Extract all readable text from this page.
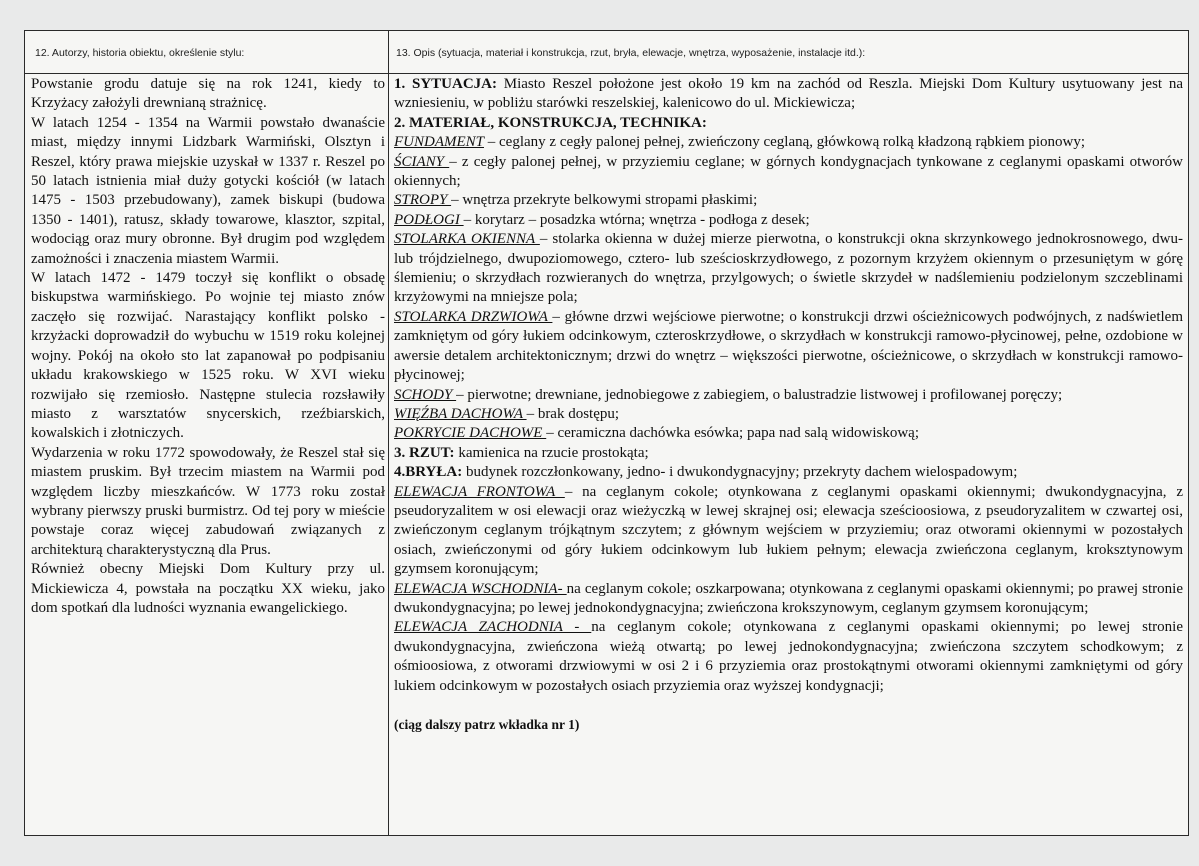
12. Autorzy, historia obiektu, określenie stylu:	13. Opis (sytuacja, materiał i konstrukcja, rzut, bryła, elewacje, wnętrza, wyposażenie, instalacje itd.):

Powstanie grodu datuje się na rok 1241, kiedy to Krzyżacy założyli drewnianą strażnicę.

W latach 1254 - 1354 na Warmii powstało dwanaście miast, między innymi Lidzbark Warmiński, Olsztyn i Reszel, który prawa miejskie uzyskał w 1337 r. Reszel po 50 latach istnienia miał duży gotycki kościół (w latach 1475 - 1503 przebudowany), zamek biskupi (budowa 1350 - 1401), ratusz, składy towarowe, klasztor, szpital, wodociąg oraz mury obronne. Był drugim pod względem zamożności i znaczenia miastem Warmii.

W latach 1472 - 1479 toczył się konflikt o obsadę biskupstwa warmińskiego. Po wojnie tej miasto znów zaczęło się rozwijać. Narastający konflikt polsko - krzyżacki doprowadził do wybuchu w 1519 roku kolejnej wojny. Pokój na około sto lat zapanował po podpisaniu układu krakowskiego w 1525 roku. W XVI wieku rozwijało się rzemiosło. Następne stulecia rozsławiły miasto z warsztatów snycerskich, rzeźbiarskich, kowalskich i złotniczych.

Wydarzenia w roku 1772 spowodowały, że Reszel stał się miastem pruskim. Był trzecim miastem na Warmii pod względem liczby mieszkańców. W 1773 roku został wybrany pierwszy pruski burmistrz. Od tej pory w mieście powstaje coraz więcej zabudowań związanych z architekturą charakterystyczną dla Prus.

Również obecny Miejski Dom Kultury przy ul. Mickiewicza 4, powstała na początku XX wieku, jako dom spotkań dla ludności wyznania ewangelickiego.

1. SYTUACJA: Miasto Reszel położone jest około 19 km na zachód od Reszla. Miejski Dom Kultury usytuowany jest na wzniesieniu, w pobliżu starówki reszelskiej, kalenicowo do ul. Mickiewicza;

2. MATERIAŁ, KONSTRUKCJA, TECHNIKA:

FUNDAMENT – ceglany z cegły palonej pełnej, zwieńczony ceglaną, główkową rolką kładzoną rąbkiem pionowy;

ŚCIANY – z cegły palonej pełnej, w przyziemiu ceglane; w górnych kondygnacjach tynkowane z ceglanymi opaskami otworów okiennych;

STROPY – wnętrza przekryte belkowymi stropami płaskimi;

PODŁOGI – korytarz – posadzka wtórna; wnętrza - podłoga z desek;

STOLARKA OKIENNA – stolarka okienna w dużej mierze pierwotna, o konstrukcji okna skrzynkowego jednokrosnowego, dwu- lub trójdzielnego, dwupoziomowego, cztero- lub sześcioskrzydłowego, z pozornym krzyżem okiennym o przesuniętym w górę ślemieniu; o skrzydłach rozwieranych do wnętrza, przylgowych; o świetle skrzydeł w nadślemieniu podzielonym szczeblinami krzyżowymi na mniejsze pola;

STOLARKA DRZWIOWA – główne drzwi wejściowe pierwotne; o konstrukcji drzwi ościeżnicowych podwójnych, z nadświetlem zamkniętym od góry łukiem odcinkowym, czteroskrzydłowe, o skrzydłach w konstrukcji ramowo-płycinowej, pełne, ozdobione w awersie detalem architektonicznym; drzwi do wnętrz – większości pierwotne, ościeżnicowe, o skrzydłach w konstrukcji ramowo-płycinowej;

SCHODY – pierwotne; drewniane, jednobiegowe z zabiegiem, o balustradzie listwowej i profilowanej poręczy;

WIĘŹBA DACHOWA – brak dostępu;

POKRYCIE DACHOWE – ceramiczna dachówka esówka; papa nad salą widowiskową;

3. RZUT: kamienica na rzucie prostokąta;

4.BRYŁA: budynek rozczłonkowany, jedno- i dwukondygnacyjny; przekryty dachem wielospadowym;

ELEWACJA FRONTOWA – na ceglanym cokole; otynkowana z ceglanymi opaskami okiennymi; dwukondygnacyjna, z pseudoryzalitem w osi elewacji oraz wieżyczką w lewej skrajnej osi; elewacja sześcioosiowa, z pseudoryzalitem w czwartej osi, zwieńczonym ceglanym trójkątnym szczytem; z głównym wejściem w przyziemiu; oraz otworami okiennymi w pozostałych osiach, zwieńczonymi od góry łukiem odcinkowym lub łukiem pełnym; elewacja zwieńczona ceglanym, kroksztynowym gzymsem koronującym;

ELEWACJA WSCHODNIA- na ceglanym cokole; oszkarpowana; otynkowana z ceglanymi opaskami okiennymi; po prawej stronie dwukondygnacyjna; po lewej jednokondygnacyjna; zwieńczona krokszynowym, ceglanym gzymsem koronującym;

ELEWACJA ZACHODNIA - na ceglanym cokole; otynkowana z ceglanymi opaskami okiennymi; po lewej stronie dwukondygnacyjna, zwieńczona wieżą otwartą; po lewej jednokondygnacyjna; zwieńczona szczytem schodkowym; z ośmioosiowa, z otworami drzwiowymi w osi 2 i 6 przyziemia oraz prostokątnymi otworami okiennymi zamkniętymi od góry lukiem odcinkowym w pozostałych osiach przyziemia oraz wyższej kondygnacji;

(ciąg dalszy patrz wkładka nr 1)
